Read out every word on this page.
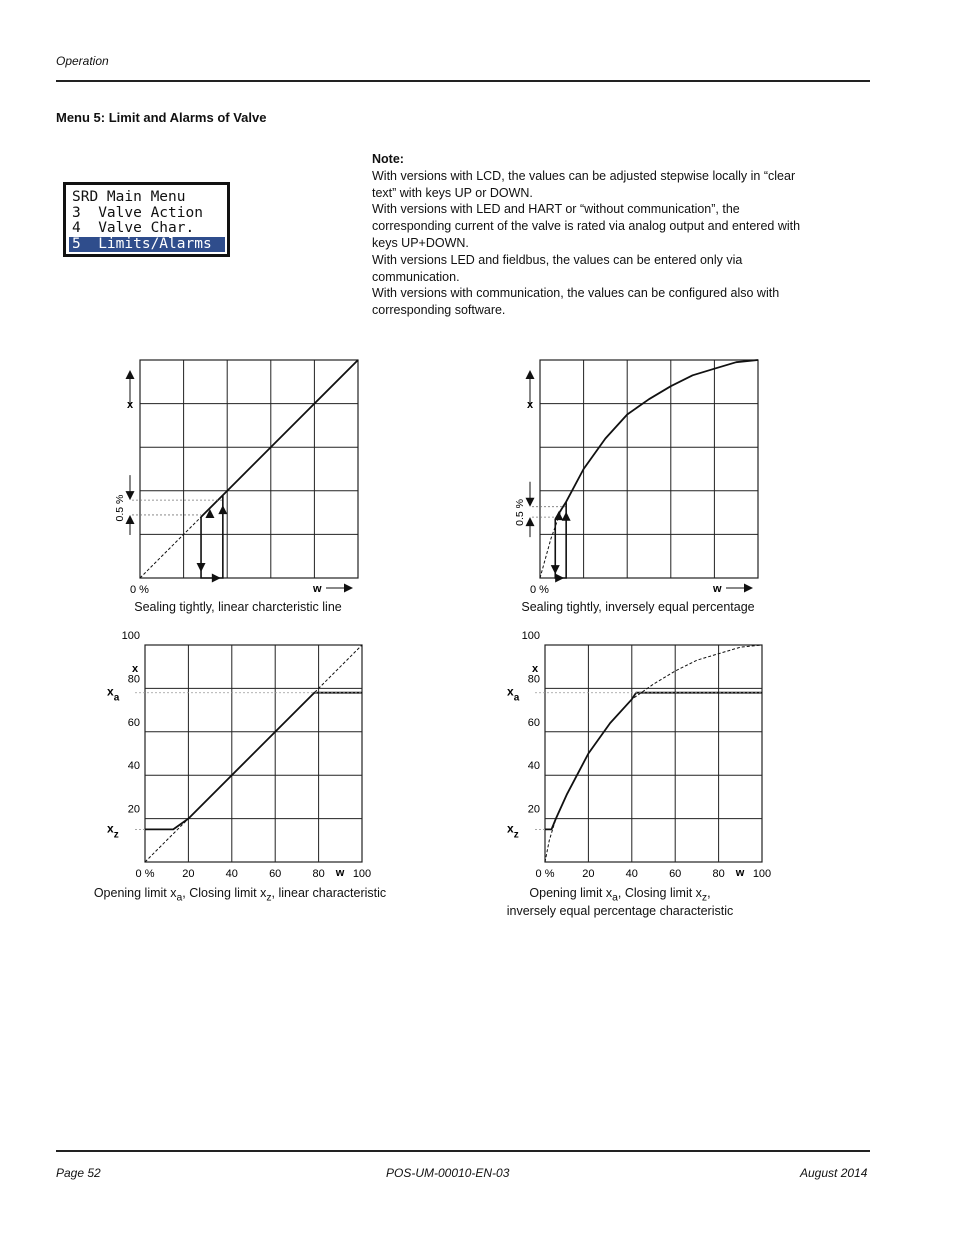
Operation
Menu 5: Limit and Alarms of Valve
SRD Main Menu
3  Valve Action
4  Valve Char.
5  Limits/Alarms
Note:
With versions with LCD, the values can be adjusted stepwise locally in “clear text” with keys UP or DOWN.
With versions with LED and HART or “without communication”, the corresponding current of the valve is rated via analog output and entered with keys UP+DOWN.
With versions LED and fieldbus, the values can be entered only via communication.
With versions with communication, the values can be configured also with corresponding software.
x
0.5 %
0 %	w
Sealing tightly, linear charcteristic line
x
0.5 %
0 %	w
Sealing tightly, inversely equal percentage
0 %	20	40	60	80	100
20
40
60
80
100
x
w
$x_a$
$x_z$
Opening limit $x_a$, Closing limit $x_z$, linear characteristic
0 %	20	40	60	80	100
20
40
60
80
100
x
w
$x_a$
$x_z$
Opening limit $x_a$, Closing limit $x_z$,
inversely equal percentage characteristic
Page 52	POS-UM-00010-EN-03	August 2014
